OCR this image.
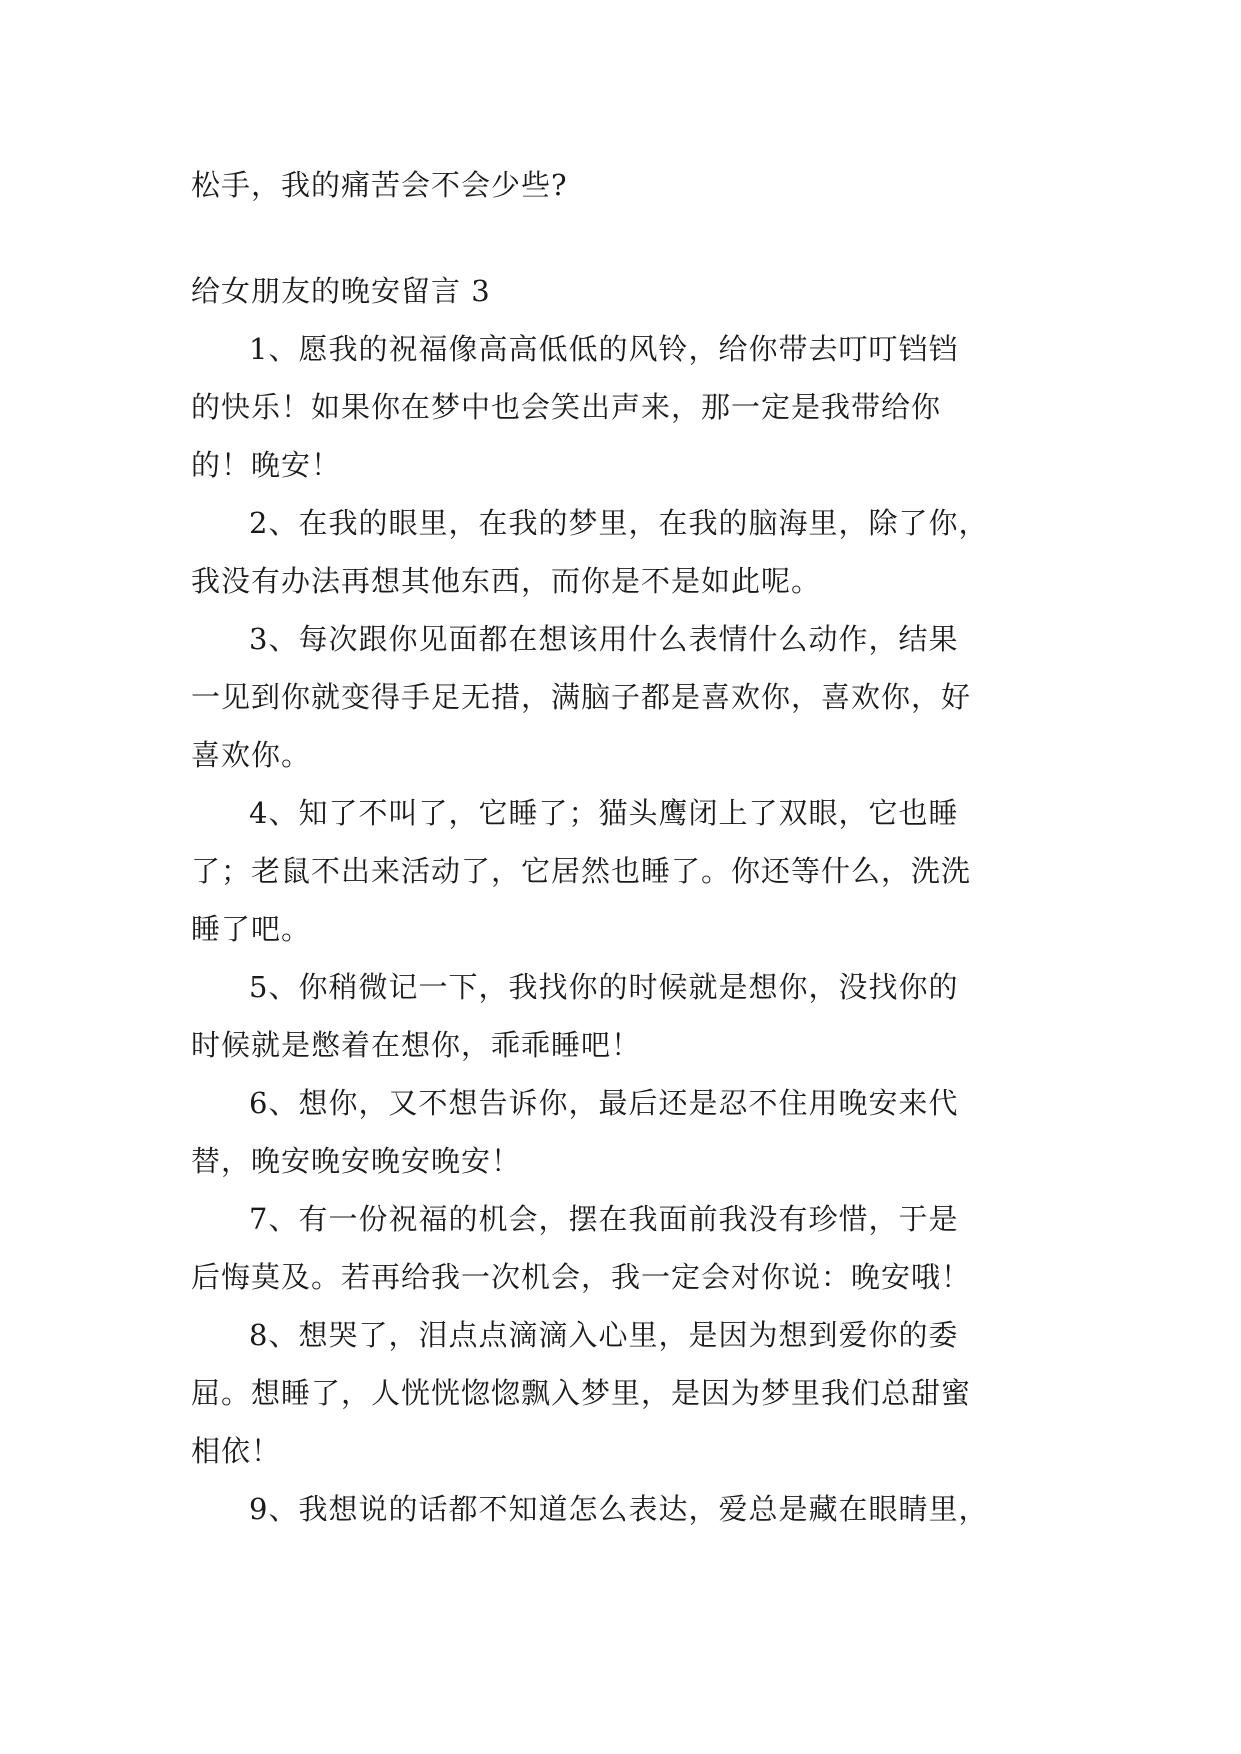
松手，我的痛苦会不会少些?
给女朋友的晚安留言 3
1、愿我的祝福像高高低低的风铃，给你带去叮叮铛铛
的快乐！如果你在梦中也会笑出声来，那一定是我带给你
的！晚安！
2、在我的眼里，在我的梦里，在我的脑海里，除了你，
我没有办法再想其他东西，而你是不是如此呢。
3、每次跟你见面都在想该用什么表情什么动作，结果
一见到你就变得手足无措，满脑子都是喜欢你，喜欢你，好
喜欢你。
4、知了不叫了，它睡了；猫头鹰闭上了双眼，它也睡
了；老鼠不出来活动了，它居然也睡了。你还等什么，洗洗
睡了吧。
5、你稍微记一下，我找你的时候就是想你，没找你的
时候就是憋着在想你，乖乖睡吧！
6、想你，又不想告诉你，最后还是忍不住用晚安来代
替，晚安晚安晚安晚安！
7、有一份祝福的机会，摆在我面前我没有珍惜，于是
后悔莫及。若再给我一次机会，我一定会对你说：晚安哦！
8、想哭了，泪点点滴滴入心里，是因为想到爱你的委
屈。想睡了，人恍恍惚惚飘入梦里，是因为梦里我们总甜蜜
相依！
9、我想说的话都不知道怎么表达，爱总是藏在眼睛里，
